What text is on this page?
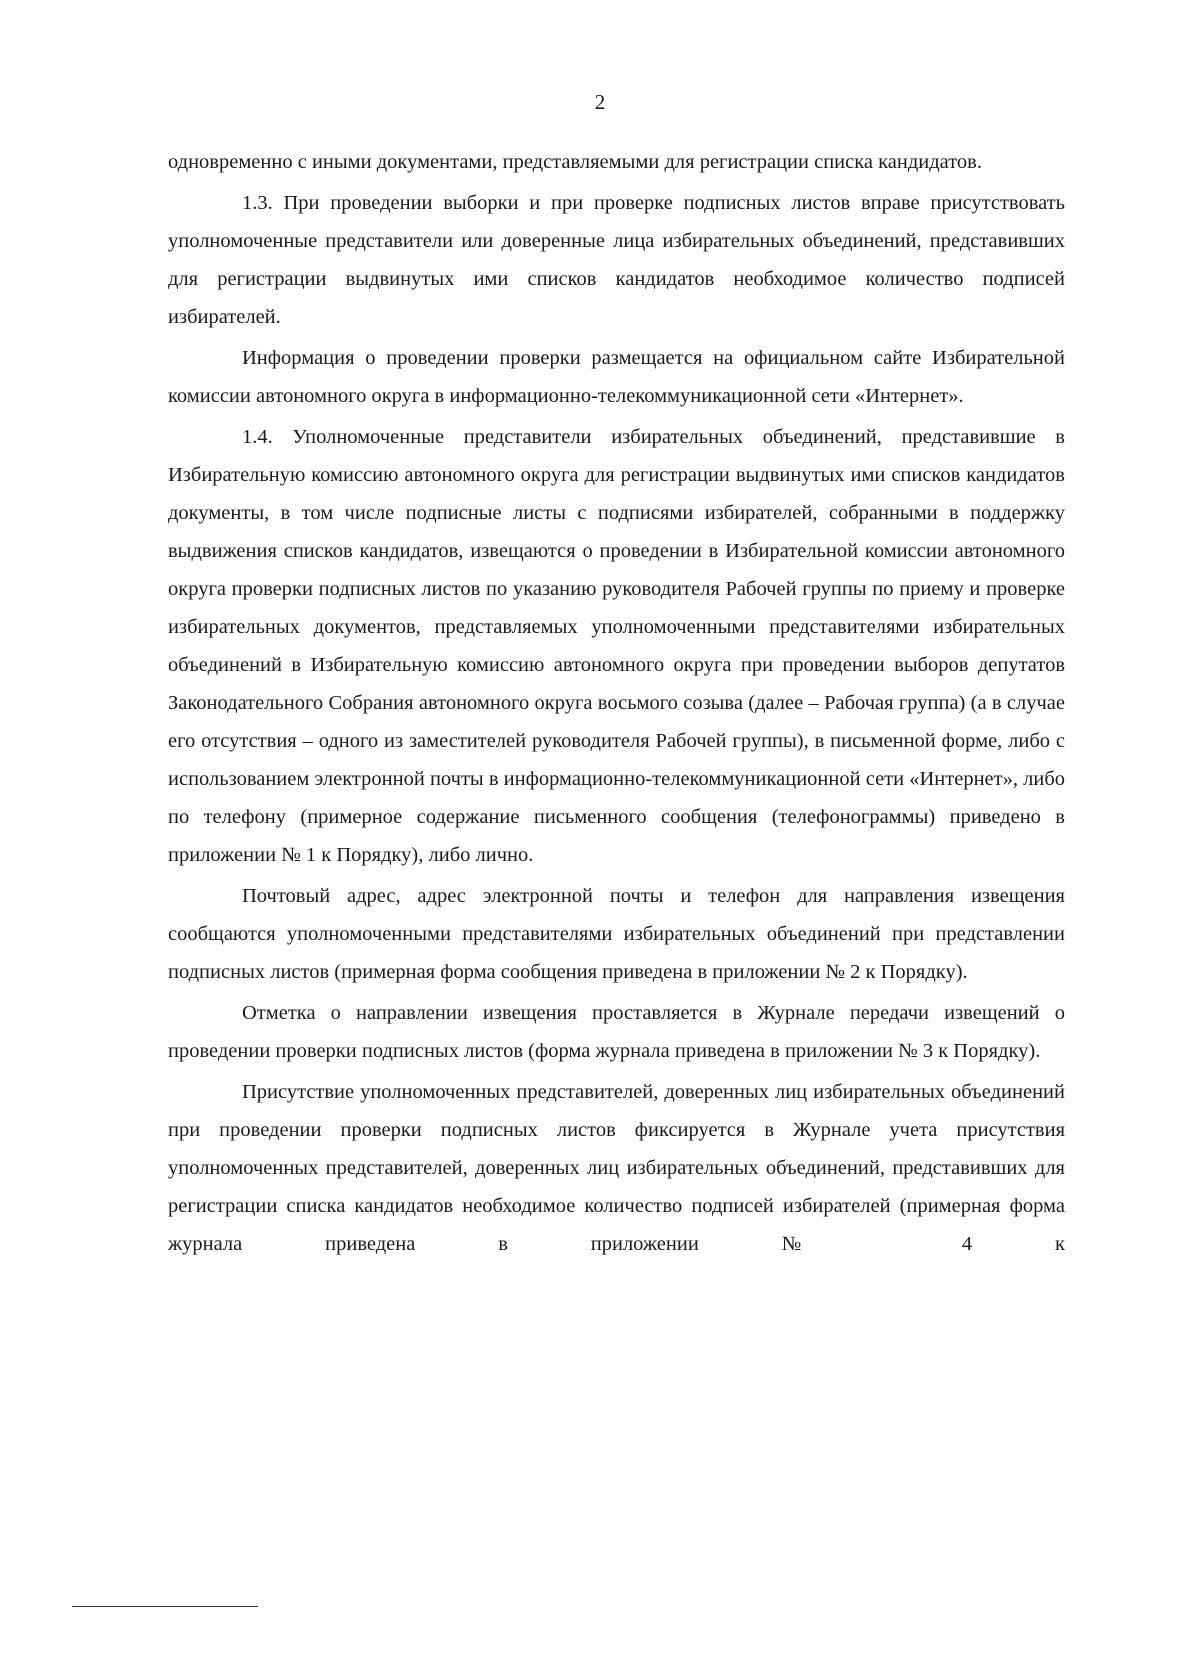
2

одновременно с иными документами, представляемыми для регистрации списка кандидатов.

1.3. При проведении выборки и при проверке подписных листов вправе присутствовать уполномоченные представители или доверенные лица избирательных объединений, представивших для регистрации выдвинутых ими списков кандидатов необходимое количество подписей избирателей.

Информация о проведении проверки размещается на официальном сайте Избирательной комиссии автономного округа в информационно-телекоммуникационной сети «Интернет».

1.4. Уполномоченные представители избирательных объединений, представившие в Избирательную комиссию автономного округа для регистрации выдвинутых ими списков кандидатов документы, в том числе подписные листы с подписями избирателей, собранными в поддержку выдвижения списков кандидатов, извещаются о проведении в Избирательной комиссии автономного округа проверки подписных листов по указанию руководителя Рабочей группы по приему и проверке избирательных документов, представляемых уполномоченными представителями избирательных объединений в Избирательную комиссию автономного округа при проведении выборов депутатов Законодательного Собрания автономного округа восьмого созыва (далее – Рабочая группа) (а в случае его отсутствия – одного из заместителей руководителя Рабочей группы), в письменной форме, либо с использованием электронной почты в информационно-телекоммуникационной сети «Интернет», либо по телефону (примерное содержание письменного сообщения (телефонограммы) приведено в приложении № 1 к Порядку), либо лично.

Почтовый адрес, адрес электронной почты и телефон для направления извещения сообщаются уполномоченными представителями избирательных объединений при представлении подписных листов (примерная форма сообщения приведена в приложении № 2 к Порядку).

Отметка о направлении извещения проставляется в Журнале передачи извещений о проведении проверки подписных листов (форма журнала приведена в приложении № 3 к Порядку).

Присутствие уполномоченных представителей, доверенных лиц избирательных объединений при проведении проверки подписных листов фиксируется в Журнале учета присутствия уполномоченных представителей, доверенных лиц избирательных объединений, представивших для регистрации списка кандидатов необходимое количество подписей избирателей (примерная форма журнала приведена в приложении № 4 к
